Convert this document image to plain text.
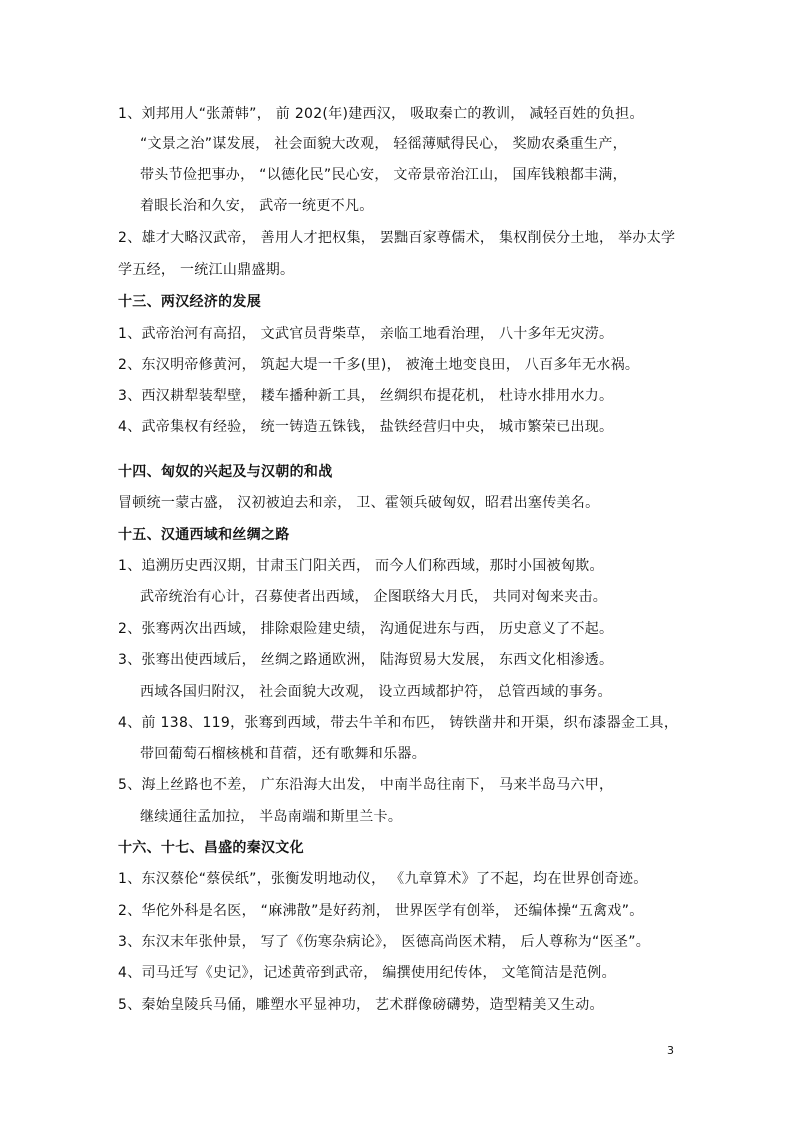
1、刘邦用人“张萧韩”， 前 202(年)建西汉， 吸取秦亡的教训， 减轻百姓的负担。
“文景之治”谋发展， 社会面貌大改观， 轻徭薄赋得民心， 奖励农桑重生产，
带头节俭把事办， “以德化民”民心安， 文帝景帝治江山， 国库钱粮都丰满，
着眼长治和久安， 武帝一统更不凡。
2、雄才大略汉武帝， 善用人才把权集， 罢黜百家尊儒术， 集权削侯分土地， 举办太学
学五经， 一统江山鼎盛期。
十三、两汉经济的发展
1、武帝治河有高招， 文武官员背柴草， 亲临工地看治理， 八十多年无灾涝。
2、东汉明帝修黄河， 筑起大堤一千多(里)， 被淹土地变良田， 八百多年无水祸。
3、西汉耕犁装犁壁， 耧车播种新工具， 丝绸织布提花机， 杜诗水排用水力。
4、武帝集权有经验， 统一铸造五铢钱， 盐铁经营归中央， 城市繁荣已出现。
十四、匈奴的兴起及与汉朝的和战
冒顿统一蒙古盛， 汉初被迫去和亲， 卫、霍领兵破匈奴，昭君出塞传美名。
十五、汉通西域和丝绸之路
1、追溯历史西汉期，甘肃玉门阳关西， 而今人们称西域，那时小国被匈欺。
武帝统治有心计，召募使者出西域， 企图联络大月氏， 共同对匈来夹击。
2、张骞两次出西域， 排除艰险建史绩， 沟通促进东与西， 历史意义了不起。
3、张骞出使西域后， 丝绸之路通欧洲， 陆海贸易大发展， 东西文化相渗透。
西域各国归附汉， 社会面貌大改观， 设立西域都护符， 总管西域的事务。
4、前 138、119，张骞到西域，带去牛羊和布匹， 铸铁凿井和开渠，织布漆器金工具，
带回葡萄石榴核桃和苜蓿，还有歌舞和乐器。
5、海上丝路也不差， 广东沿海大出发， 中南半岛往南下， 马来半岛马六甲，
继续通往孟加拉， 半岛南端和斯里兰卡。
十六、十七、昌盛的秦汉文化
1、东汉蔡伦“蔡侯纸”，张衡发明地动仪， 《九章算术》了不起，均在世界创奇迹。
2、华佗外科是名医， “麻沸散”是好药剂， 世界医学有创举， 还编体操“五禽戏”。
3、东汉末年张仲景， 写了《伤寒杂病论》， 医德高尚医术精， 后人尊称为“医圣”。
4、司马迁写《史记》，记述黄帝到武帝， 编撰使用纪传体， 文笔简洁是范例。
5、秦始皇陵兵马俑，雕塑水平显神功， 艺术群像磅礴势，造型精美又生动。
3
